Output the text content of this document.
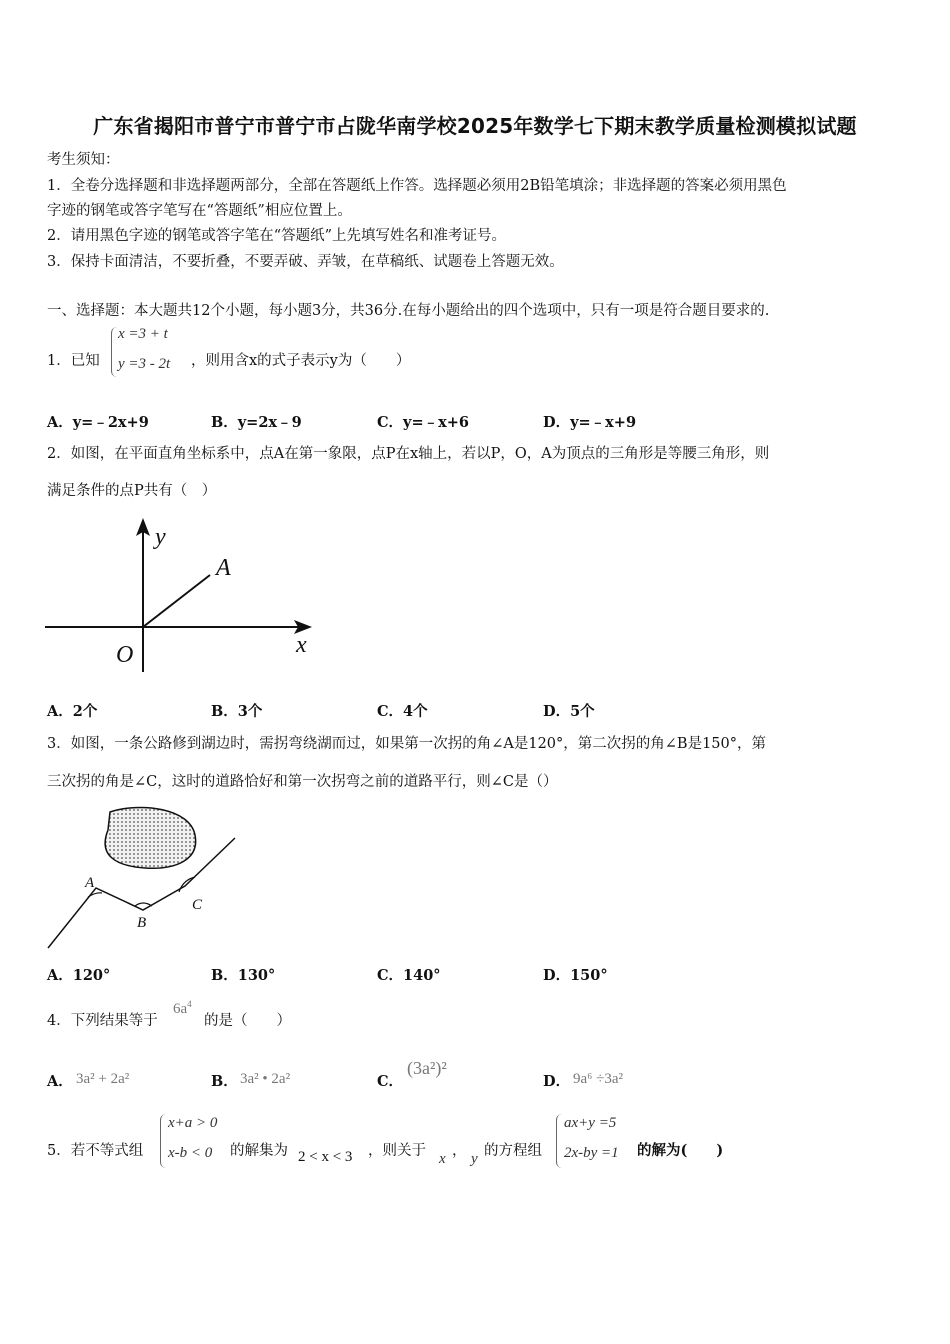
广东省揭阳市普宁市普宁市占陇华南学校2025年数学七下期末教学质量检测模拟试题
考生须知：
1．全卷分选择题和非选择题两部分，全部在答题纸上作答。选择题必须用2B铅笔填涂；非选择题的答案必须用黑色
字迹的钢笔或答字笔写在“答题纸”相应位置上。
2．请用黑色字迹的钢笔或答字笔在“答题纸”上先填写姓名和准考证号。
3．保持卡面清洁，不要折叠，不要弄破、弄皱，在草稿纸、试题卷上答题无效。
一、选择题：本大题共12个小题，每小题3分，共36分.在每小题给出的四个选项中，只有一项是符合题目要求的.
1．已知
x =3 + t
y =3 - 2t ，则用含x的式子表示y为（　　）
A．y=﹣2x+9	B．y=2x﹣9	C．y=﹣x+6	D．y=﹣x+9
2．如图，在平面直角坐标系中，点A在第一象限，点P在x轴上，若以P，O，A为顶点的三角形是等腰三角形，则
满足条件的点P共有（　）
y
x
O
A
A．2个	B．3个	C．4个	D．5个
3．如图，一条公路修到湖边时，需拐弯绕湖而过，如果第一次拐的角∠A是120°，第二次拐的角∠B是150°，第
三次拐的角是∠C，这时的道路恰好和第一次拐弯之前的道路平行，则∠C是（）
A
B
C
A．120°	B．130°	C．140°	D．150°
4．下列结果等于
$6a^4$
的是（　　）
A． 3a² + 2a²	B． 3a² • 2a²	C．
(3a²)²
D． 9a⁶ ÷3a²
5．若不等式组
x+a > 0
x-b < 0 的解集为 2 < x < 3 ，则关于 x ， y 的方程组
ax+y =5
2x-by =1 的解为(　　)
